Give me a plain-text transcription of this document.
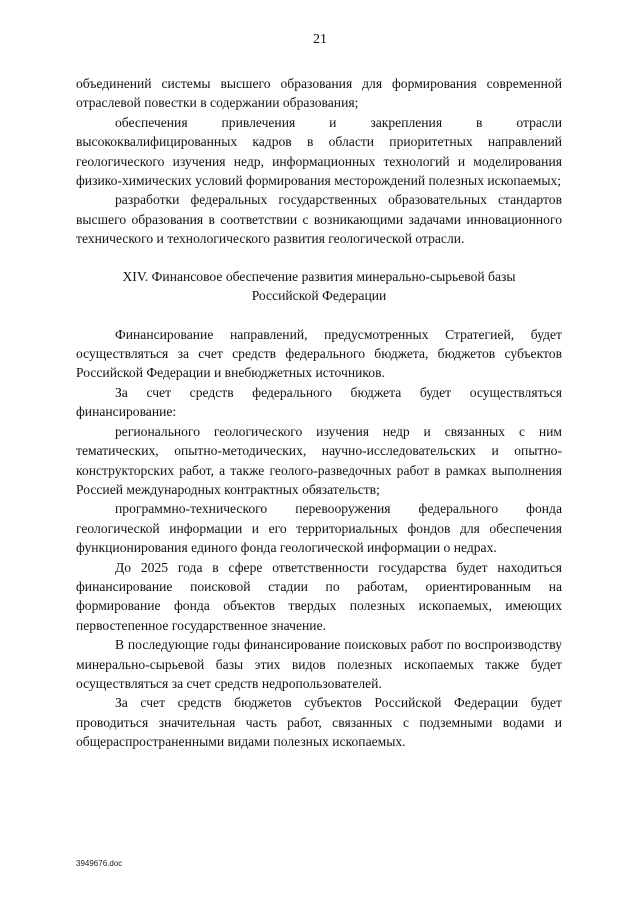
21

объединений системы высшего образования для формирования современной отраслевой повестки в содержании образования;

обеспечения привлечения и закрепления в отрасли высококвалифицированных кадров в области приоритетных направлений геологического изучения недр, информационных технологий и моделирования физико-химических условий формирования месторождений полезных ископаемых;

разработки федеральных государственных образовательных стандартов высшего образования в соответствии с возникающими задачами инновационного технического и технологического развития геологической отрасли.

XIV. Финансовое обеспечение развития минерально-сырьевой базы
Российской Федерации

Финансирование направлений, предусмотренных Стратегией, будет осуществляться за счет средств федерального бюджета, бюджетов субъектов Российской Федерации и внебюджетных источников.

За счет средств федерального бюджета будет осуществляться финансирование:

регионального геологического изучения недр и связанных с ним тематических, опытно-методических, научно-исследовательских и опытно-конструкторских работ, а также геолого-разведочных работ в рамках выполнения Россией международных контрактных обязательств;

программно-технического перевооружения федерального фонда геологической информации и его территориальных фондов для обеспечения функционирования единого фонда геологической информации о недрах.

До 2025 года в сфере ответственности государства будет находиться финансирование поисковой стадии по работам, ориентированным на формирование фонда объектов твердых полезных ископаемых, имеющих первостепенное государственное значение.

В последующие годы финансирование поисковых работ по воспроизводству минерально-сырьевой базы этих видов полезных ископаемых также будет осуществляться за счет средств недропользователей.

За счет средств бюджетов субъектов Российской Федерации будет проводиться значительная часть работ, связанных с подземными водами и общераспространенными видами полезных ископаемых.

3949676.doc
